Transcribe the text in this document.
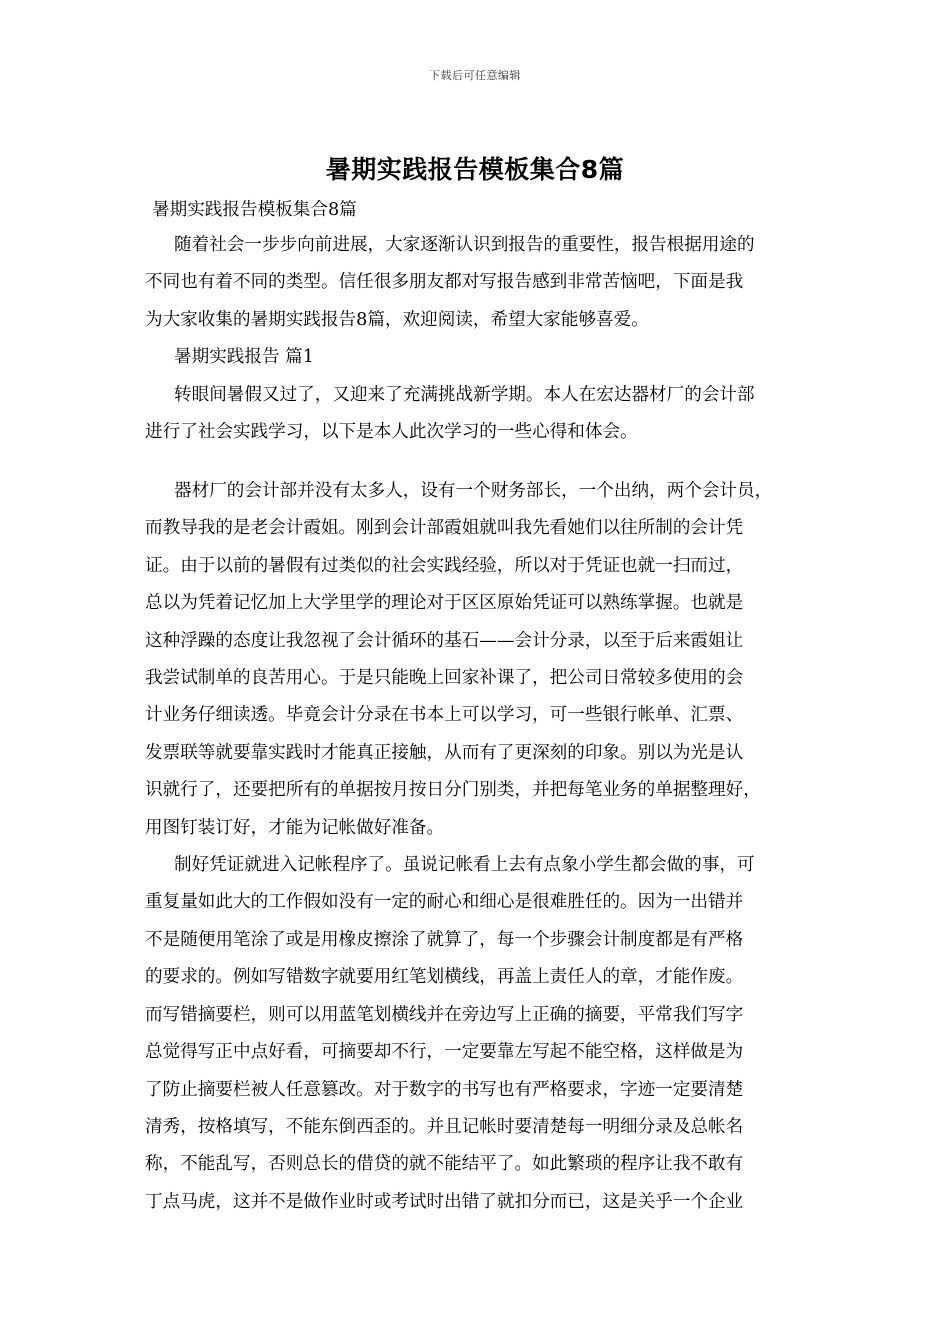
下载后可任意编辑
暑期实践报告模板集合8篇
暑期实践报告模板集合8篇
随着社会一步步向前进展，大家逐渐认识到报告的重要性，报告根据用途的
不同也有着不同的类型。信任很多朋友都对写报告感到非常苦恼吧，下面是我
为大家收集的暑期实践报告8篇，欢迎阅读，希望大家能够喜爱。
暑期实践报告 篇1
转眼间暑假又过了，又迎来了充满挑战新学期。本人在宏达器材厂的会计部
进行了社会实践学习，以下是本人此次学习的一些心得和体会。
器材厂的会计部并没有太多人，设有一个财务部长，一个出纳，两个会计员，
而教导我的是老会计霞姐。刚到会计部霞姐就叫我先看她们以往所制的会计凭
证。由于以前的暑假有过类似的社会实践经验，所以对于凭证也就一扫而过，
总以为凭着记忆加上大学里学的理论对于区区原始凭证可以熟练掌握。也就是
这种浮躁的态度让我忽视了会计循环的基石——会计分录，以至于后来霞姐让
我尝试制单的良苦用心。于是只能晚上回家补课了，把公司日常较多使用的会
计业务仔细读透。毕竟会计分录在书本上可以学习，可一些银行帐单、汇票、
发票联等就要靠实践时才能真正接触，从而有了更深刻的印象。别以为光是认
识就行了，还要把所有的单据按月按日分门别类，并把每笔业务的单据整理好，
用图钉装订好，才能为记帐做好准备。
制好凭证就进入记帐程序了。虽说记帐看上去有点象小学生都会做的事，可
重复量如此大的工作假如没有一定的耐心和细心是很难胜任的。因为一出错并
不是随便用笔涂了或是用橡皮擦涂了就算了，每一个步骤会计制度都是有严格
的要求的。例如写错数字就要用红笔划横线，再盖上责任人的章，才能作废。
而写错摘要栏，则可以用蓝笔划横线并在旁边写上正确的摘要，平常我们写字
总觉得写正中点好看，可摘要却不行，一定要靠左写起不能空格，这样做是为
了防止摘要栏被人任意篡改。对于数字的书写也有严格要求，字迹一定要清楚
清秀，按格填写，不能东倒西歪的。并且记帐时要清楚每一明细分录及总帐名
称，不能乱写，否则总长的借贷的就不能结平了。如此繁琐的程序让我不敢有
丁点马虎，这并不是做作业时或考试时出错了就扣分而已，这是关乎一个企业
